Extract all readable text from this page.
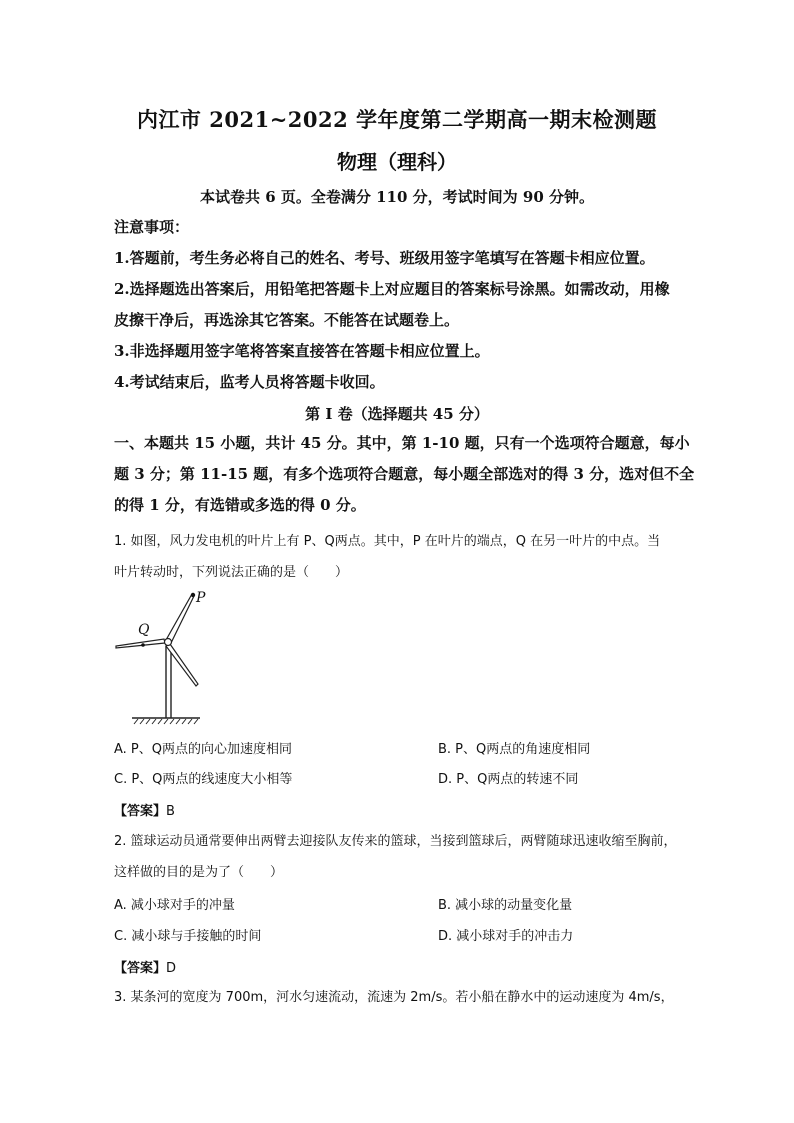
内江市 2021~2022 学年度第二学期高一期末检测题
物理（理科）
本试卷共 6 页。全卷满分 110 分，考试时间为 90 分钟。
注意事项：
1.答题前，考生务必将自己的姓名、考号、班级用签字笔填写在答题卡相应位置。
2.选择题选出答案后，用铅笔把答题卡上对应题目的答案标号涂黑。如需改动，用橡
皮擦干净后，再选涂其它答案。不能答在试题卷上。
3.非选择题用签字笔将答案直接答在答题卡相应位置上。
4.考试结束后，监考人员将答题卡收回。
第 I 卷（选择题共 45 分）
一、本题共 15 小题，共计 45 分。其中，第 1-10 题，只有一个选项符合题意，每小
题 3 分；第 11-15 题，有多个选项符合题意，每小题全部选对的得 3 分，选对但不全
的得 1 分，有选错或多选的得 0 分。
1. 如图，风力发电机的叶片上有 P、Q两点。其中，P 在叶片的端点，Q 在另一叶片的中点。当
叶片转动时，下列说法正确的是（　　）
P
Q
A. P、Q两点的向心加速度相同	B. P、Q两点的角速度相同
C. P、Q两点的线速度大小相等	D. P、Q两点的转速不同
【答案】B
2. 篮球运动员通常要伸出两臂去迎接队友传来的篮球，当接到篮球后，两臂随球迅速收缩至胸前，
这样做的目的是为了（　　）
A. 减小球对手的冲量	B. 减小球的动量变化量
C. 减小球与手接触的时间	D. 减小球对手的冲击力
【答案】D
3. 某条河的宽度为 700m，河水匀速流动，流速为 2m/s。若小船在静水中的运动速度为 4m/s，
